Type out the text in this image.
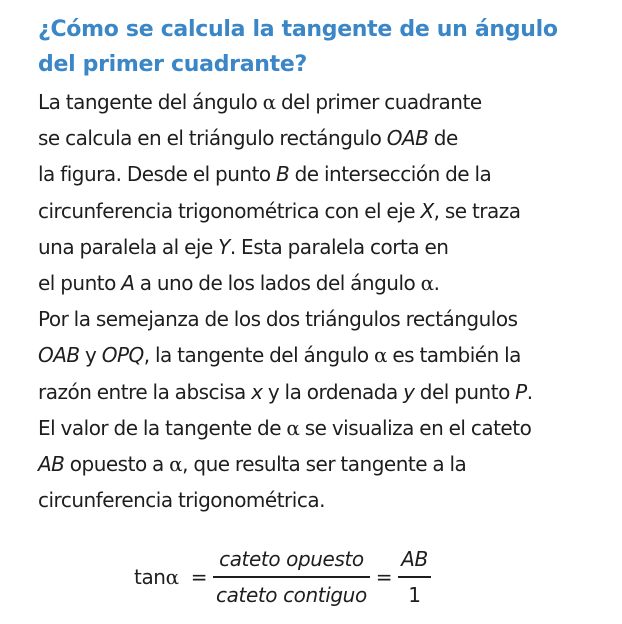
¿Cómo se calcula la tangente de un ángulo
del primer cuadrante?
La tangente del ángulo α del primer cuadrante
se calcula en el triángulo rectángulo OAB de
la figura. Desde el punto B de intersección de la
circunferencia trigonométrica con el eje X, se traza
una paralela al eje Y. Esta paralela corta en
el punto A a uno de los lados del ángulo α.
Por la semejanza de los dos triángulos rectángulos
OAB y OPQ, la tangente del ángulo α es también la
razón entre la abscisa x y la ordenada y del punto P.
El valor de la tangente de α se visualiza en el cateto
AB opuesto a α, que resulta ser tangente a la
circunferencia trigonométrica.
$\tan\alpha = \frac{\text{cateto opuesto}}{\text{cateto contiguo}} = \frac{AB}{1}$
